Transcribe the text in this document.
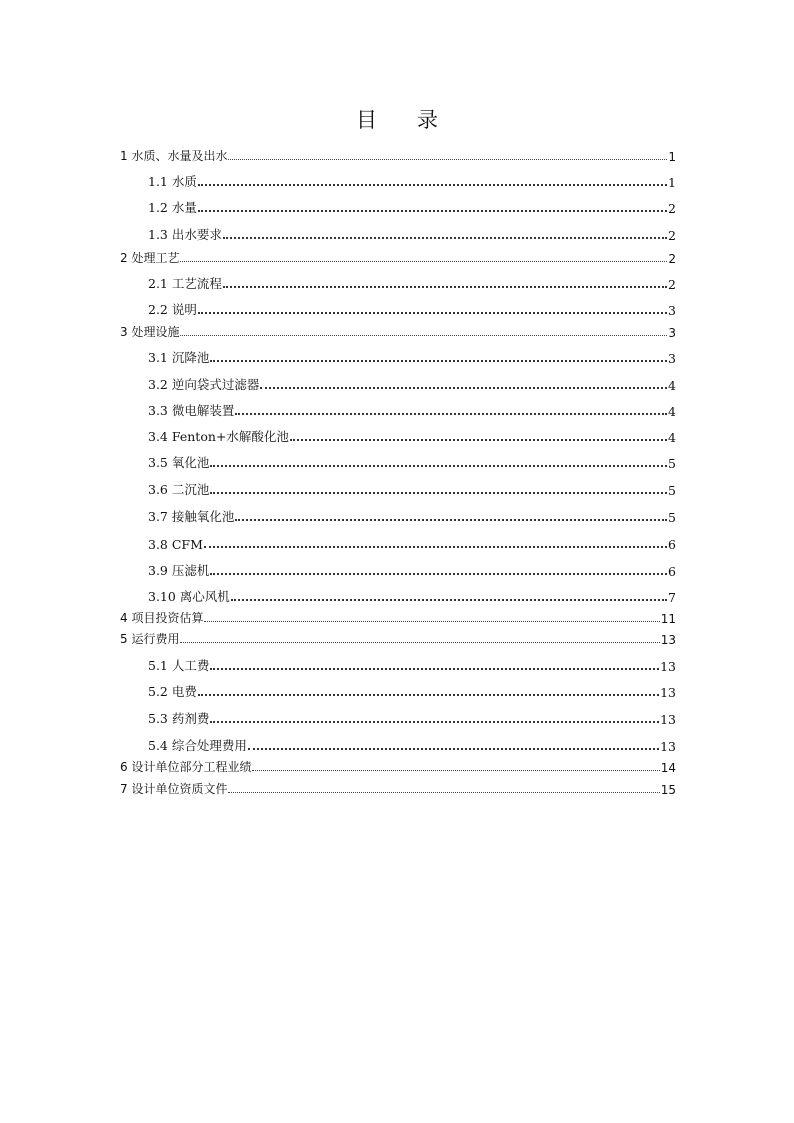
目 录
1 水质、水量及出水	1
1.1 水质	1
1.2 水量	2
1.3 出水要求	2
2 处理工艺	2
2.1 工艺流程	2
2.2 说明	3
3 处理设施	3
3.1 沉降池	3
3.2 逆向袋式过滤器	4
3.3 微电解装置	4
3.4 Fenton+水解酸化池	4
3.5 氧化池	5
3.6 二沉池	5
3.7 接触氧化池	5
3.8 CFM	6
3.9 压滤机	6
3.10 离心风机	7
4 项目投资估算	11
5 运行费用	13
5.1 人工费	13
5.2 电费	13
5.3 药剂费	13
5.4 综合处理费用	13
6 设计单位部分工程业绩	14
7 设计单位资质文件	15
